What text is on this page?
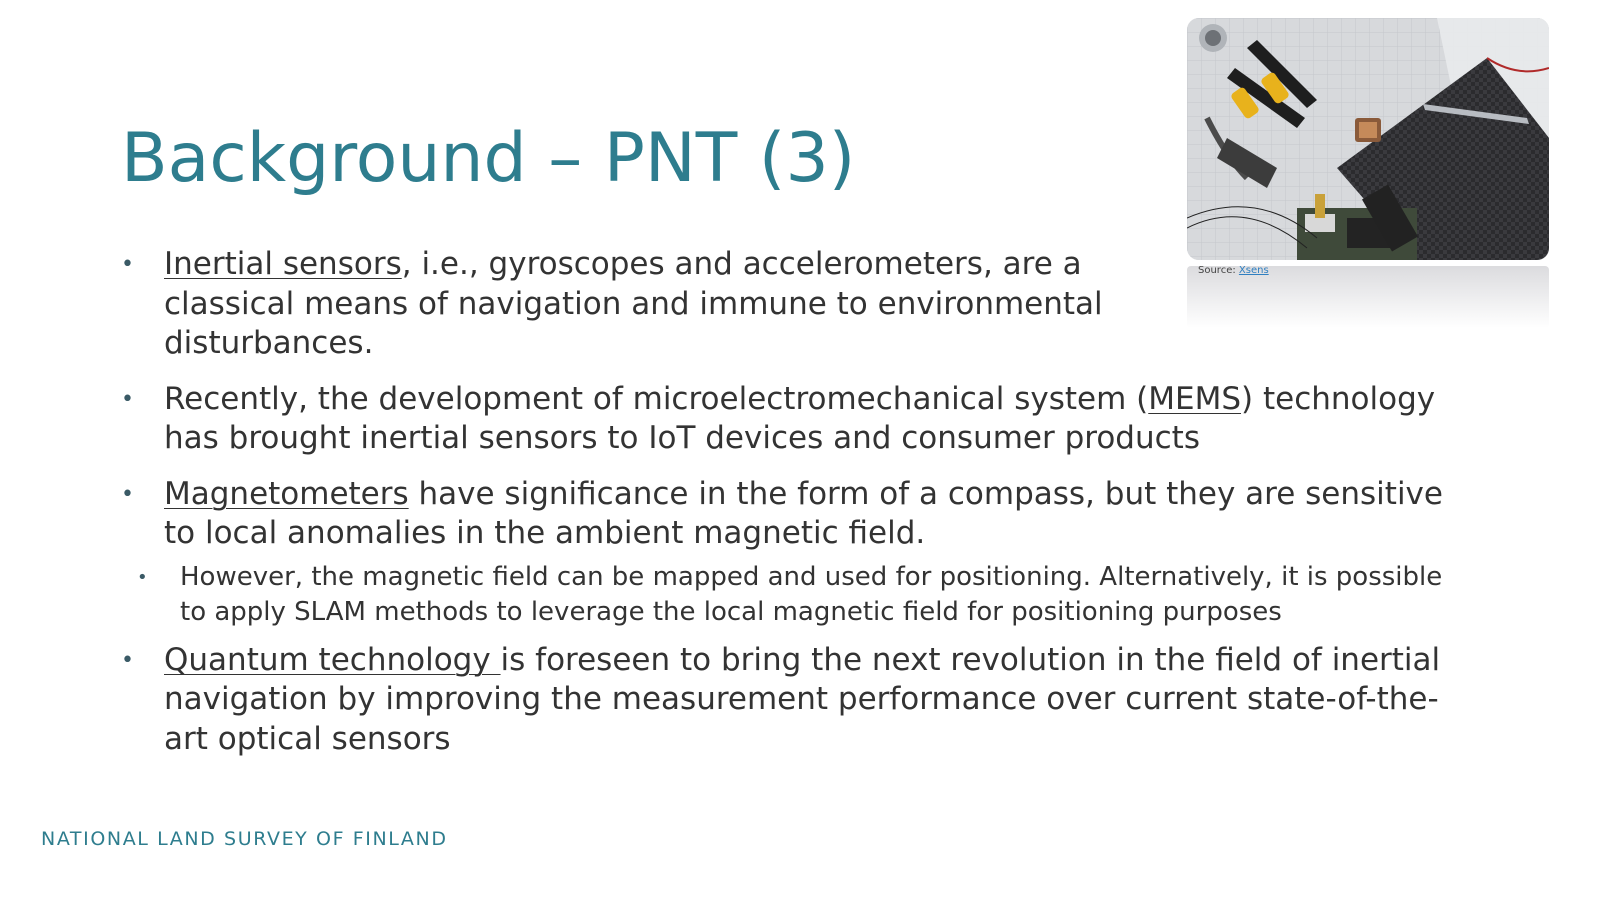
Background – PNT (3)
• Inertial sensors, i.e., gyroscopes and accelerometers, are a classical means of navigation and immune to environmental disturbances.
• Recently, the development of microelectromechanical system (MEMS) technology has brought inertial sensors to IoT devices and consumer products
• Magnetometers have significance in the form of a compass, but they are sensitive to local anomalies in the ambient magnetic field.
• However, the magnetic field can be mapped and used for positioning. Alternatively, it is possible to apply SLAM methods to leverage the local magnetic field for positioning purposes
• Quantum technology is foreseen to bring the next revolution in the field of inertial navigation by improving the measurement performance over current state-of-the-art optical sensors
Source: Xsens
NATIONAL LAND SURVEY OF FINLAND
